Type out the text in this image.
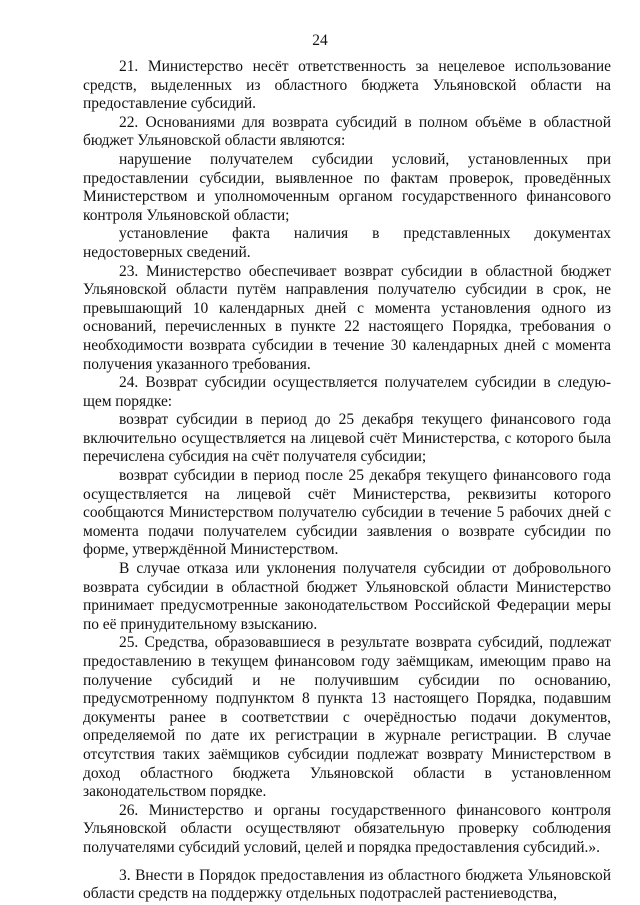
24

21. Министерство несёт ответственность за нецелевое использование средств, выделенных из областного бюджета Ульяновской области на предоставление субсидий.

22. Основаниями для возврата субсидий в полном объёме в областной бюджет Ульяновской области являются:

нарушение получателем субсидии условий, установленных при предоставлении субсидии, выявленное по фактам проверок, проведённых Министерством и уполномоченным органом государственного финансового контроля Ульяновской области;

установление факта наличия в представленных документах недостоверных сведений.

23. Министерство обеспечивает возврат субсидии в областной бюджет Ульяновской области путём направления получателю субсидии в срок, не превышающий 10 календарных дней с момента установления одного из оснований, перечисленных в пункте 22 настоящего Порядка, требования о необходимости возврата субсидии в течение 30 календарных дней с момента получения указанного требования.

24. Возврат субсидии осуществляется получателем субсидии в следую-щем порядке:

возврат субсидии в период до 25 декабря текущего финансового года включительно осуществляется на лицевой счёт Министерства, с которого была перечислена субсидия на счёт получателя субсидии;

возврат субсидии в период после 25 декабря текущего финансового года осуществляется на лицевой счёт Министерства, реквизиты которого сообщаются Министерством получателю субсидии в течение 5 рабочих дней с момента подачи получателем субсидии заявления о возврате субсидии по форме, утверждённой Министерством.

В случае отказа или уклонения получателя субсидии от добровольного возврата субсидии в областной бюджет Ульяновской области Министерство принимает предусмотренные законодательством Российской Федерации меры по её принудительному взысканию.

25. Средства, образовавшиеся в результате возврата субсидий, подлежат предоставлению в текущем финансовом году заёмщикам, имеющим право на получение субсидий и не получившим субсидии по основанию, предусмотренному подпунктом 8 пункта 13 настоящего Порядка, подавшим документы ранее в соответствии с очерёдностью подачи документов, определяемой по дате их регистрации в журнале регистрации. В случае отсутствия таких заёмщиков субсидии подлежат возврату Министерством в доход областного бюджета Ульяновской области в установленном законодательством порядке.

26. Министерство и органы государственного финансового контроля Ульяновской области осуществляют обязательную проверку соблюдения получателями субсидий условий, целей и порядка предоставления субсидий.».

3. Внести в Порядок предоставления из областного бюджета Ульяновской области средств на поддержку отдельных подотраслей растениеводства,
